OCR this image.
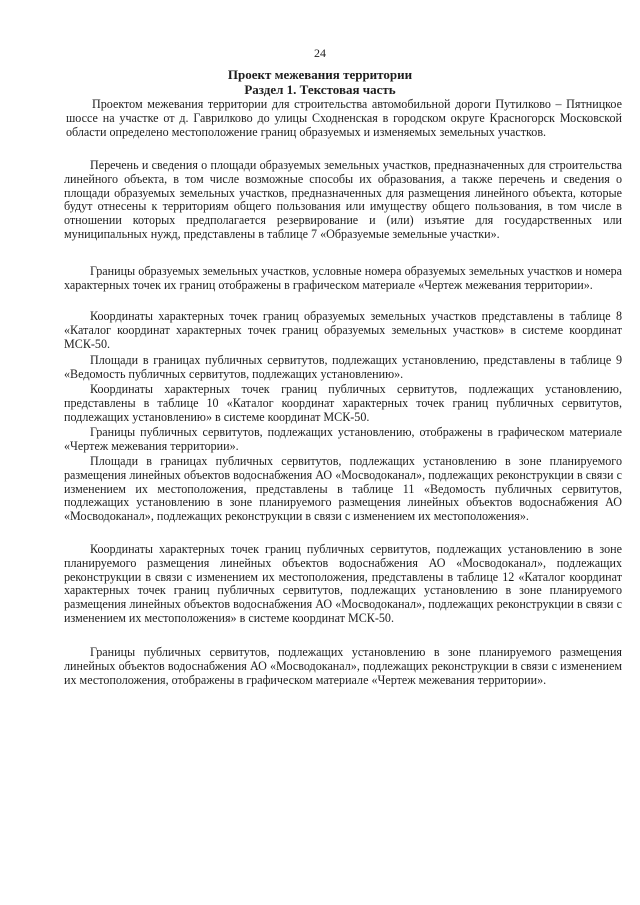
24
Проект межевания территории
Раздел 1. Текстовая часть

Проектом межевания территории для строительства автомобильной дороги Путилково – Пятницкое шоссе на участке от д. Гаврилково до улицы Сходненская в городском округе Красногорск Московской области определено местоположение границ образуемых и изменяемых земельных участков.

Перечень и сведения о площади образуемых земельных участков, предназначенных для строительства линейного объекта, в том числе возможные способы их образования, а также перечень и сведения о площади образуемых земельных участков, предназначенных для размещения линейного объекта, которые будут отнесены к территориям общего пользования или имуществу общего пользования, в том числе в отношении которых предполагается резервирование и (или) изъятие для государственных или муниципальных нужд, представлены в таблице 7 «Образуемые земельные участки».

Границы образуемых земельных участков, условные номера образуемых земельных участков и номера характерных точек их границ отображены в графическом материале «Чертеж межевания территории».

Координаты характерных точек границ образуемых земельных участков представлены в таблице 8 «Каталог координат характерных точек границ образуемых земельных участков» в системе координат МСК-50.

Площади в границах публичных сервитутов, подлежащих установлению, представлены в таблице 9 «Ведомость публичных сервитутов, подлежащих установлению».

Координаты характерных точек границ публичных сервитутов, подлежащих установлению, представлены в таблице 10 «Каталог координат характерных точек границ публичных сервитутов, подлежащих установлению» в системе координат МСК-50.

Границы публичных сервитутов, подлежащих установлению, отображены в графическом материале «Чертеж межевания территории».

Площади в границах публичных сервитутов, подлежащих установлению в зоне планируемого размещения линейных объектов водоснабжения АО «Мосводоканал», подлежащих реконструкции в связи с изменением их местоположения, представлены в таблице 11 «Ведомость публичных сервитутов, подлежащих установлению в зоне планируемого размещения линейных объектов водоснабжения АО «Мосводоканал», подлежащих реконструкции в связи с изменением их местоположения».

Координаты характерных точек границ публичных сервитутов, подлежащих установлению в зоне планируемого размещения линейных объектов водоснабжения АО «Мосводоканал», подлежащих реконструкции в связи с изменением их местоположения, представлены в таблице 12 «Каталог координат характерных точек границ публичных сервитутов, подлежащих установлению в зоне планируемого размещения линейных объектов водоснабжения АО «Мосводоканал», подлежащих реконструкции в связи с изменением их местоположения» в системе координат МСК-50.

Границы публичных сервитутов, подлежащих установлению в зоне планируемого размещения линейных объектов водоснабжения АО «Мосводоканал», подлежащих реконструкции в связи с изменением их местоположения, отображены в графическом материале «Чертеж межевания территории».
